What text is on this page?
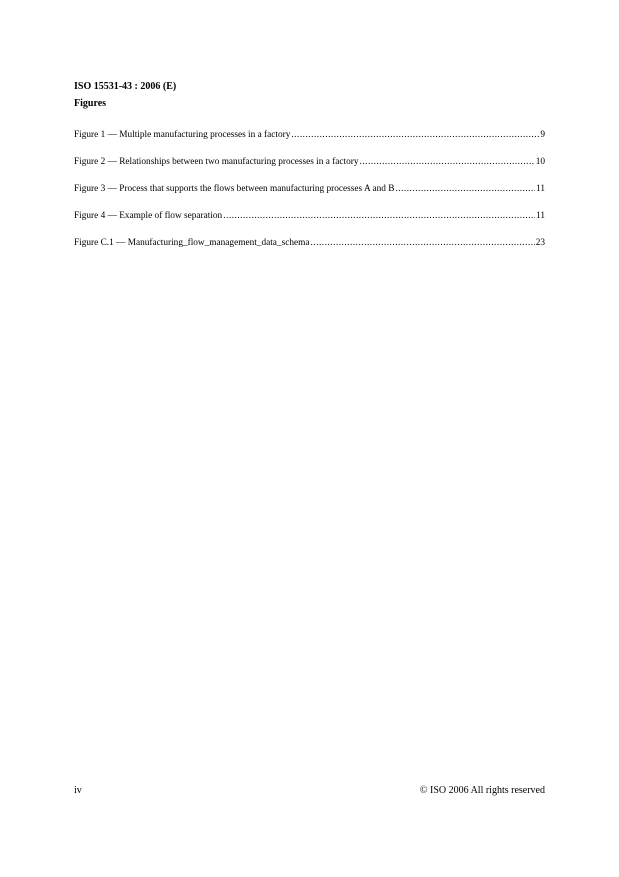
ISO 15531-43 : 2006 (E)
Figures
Figure 1 — Multiple manufacturing processes in a factory .....	9
Figure 2 — Relationships between two manufacturing processes in a factory .....	10
Figure 3 — Process that supports the flows between manufacturing processes A and B .....	11
Figure 4 — Example of flow separation .....	11
Figure C.1 — Manufacturing_flow_management_data_schema .....	23
iv	© ISO 2006 All rights reserved
